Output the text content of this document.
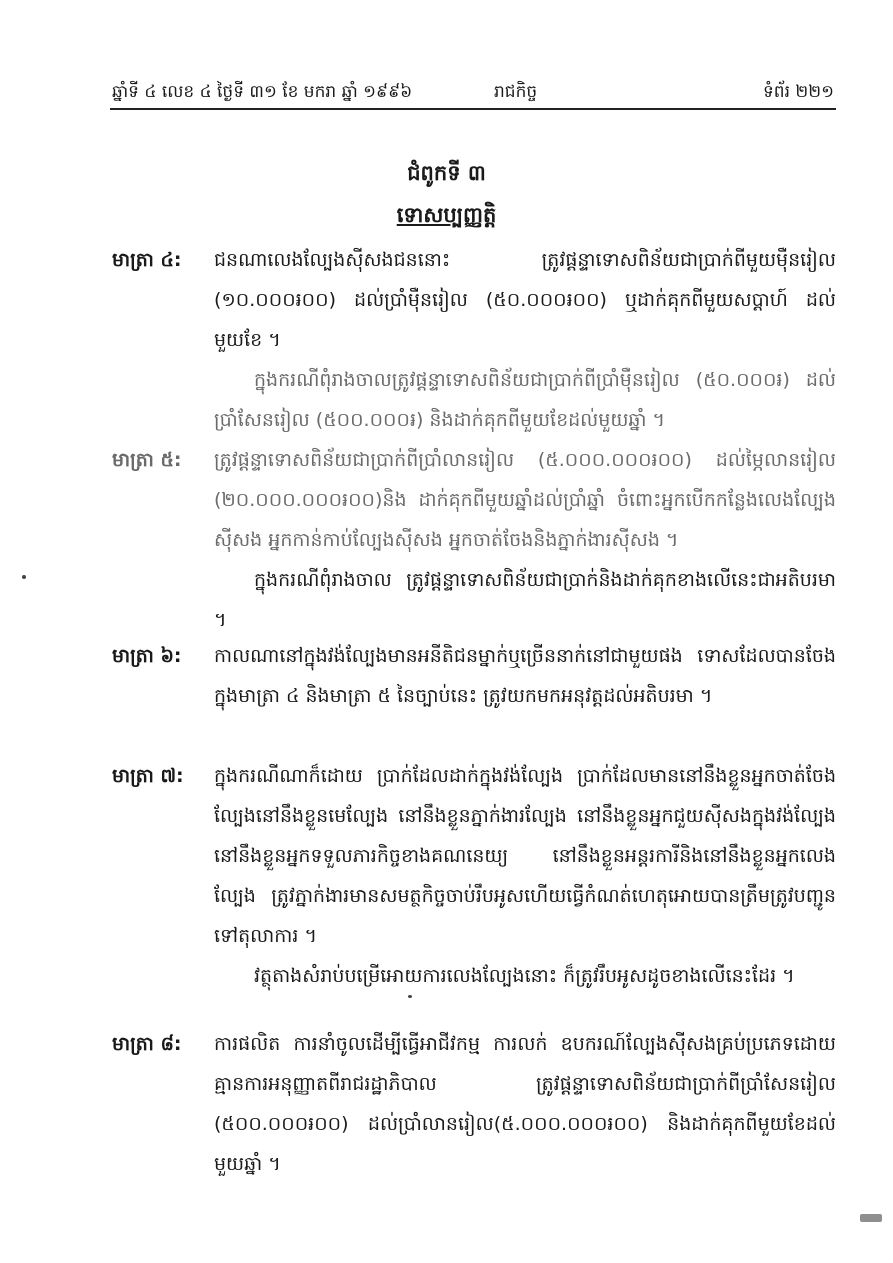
ឆ្នាំទី ៤ លេខ ៤ ថ្ងៃទី ៣១ ខែ មករា ឆ្នាំ ១៩៩៦	រាជកិច្ច	ទំព័រ ២២១
ជំពូកទី ៣
ទោសប្បញ្ញត្តិ
មាត្រា ៤:	ជនណាលេងល្បែងស៊ីសងជននោះ ត្រូវផ្តន្ទាទោសពិន័យជាប្រាក់ពីមួយម៉ឺនរៀល (១០.០០០៛០០) ដល់ប្រាំម៉ឺនរៀល (៥០.០០០៛០០) ឬដាក់គុកពីមួយសប្តាហ៍ ដល់មួយខែ ។

ក្នុងករណីពុំរាងចាលត្រូវផ្តន្ទាទោសពិន័យជាប្រាក់ពីប្រាំម៉ឺនរៀល (៥០.០០០៛) ដល់ប្រាំសែនរៀល (៥០០.០០០៛) និងដាក់គុកពីមួយខែដល់មួយឆ្នាំ ។

មាត្រា ៥:	ត្រូវផ្តន្ទាទោសពិន័យជាប្រាក់ពីប្រាំលានរៀល (៥.០០០.០០០៛០០) ដល់ម្ភៃលានរៀល (២០.០០០.០០០៛០០)និង ដាក់គុកពីមួយឆ្នាំដល់ប្រាំឆ្នាំ ចំពោះអ្នកបើកកន្លែងលេងល្បែងស៊ីសង អ្នកកាន់កាប់ល្បែងស៊ីសង អ្នកចាត់ចែងនិងភ្នាក់ងារស៊ីសង ។

ក្នុងករណីពុំរាងចាល ត្រូវផ្តន្ទាទោសពិន័យជាប្រាក់និងដាក់គុកខាងលើនេះជាអតិបរមា ។

មាត្រា ៦:	កាលណានៅក្នុងវង់ល្បែងមានអនីតិជនម្នាក់ឬច្រើននាក់នៅជាមួយផង ទោសដែលបានចែងក្នុងមាត្រា ៤ និងមាត្រា ៥ នៃច្បាប់នេះ ត្រូវយកមកអនុវត្តដល់អតិបរមា ។

មាត្រា ៧:	ក្នុងករណីណាក៏ដោយ ប្រាក់ដែលដាក់ក្នុងវង់ល្បែង ប្រាក់ដែលមាននៅនឹងខ្លួនអ្នកចាត់ចែងល្បែងនៅនឹងខ្លួនមេល្បែង នៅនឹងខ្លួនភ្នាក់ងារល្បែង នៅនឹងខ្លួនអ្នកជួយស៊ីសងក្នុងវង់ល្បែង នៅនឹងខ្លួនអ្នកទទួលភារកិច្ចខាងគណនេយ្យ នៅនឹងខ្លួនអន្តរការីនិងនៅនឹងខ្លួនអ្នកលេងល្បែង ត្រូវភ្នាក់ងារមានសមត្ថកិច្ចចាប់រឹបអូសហើយធ្វើកំណត់ហេតុអោយបានត្រឹមត្រូវបញ្ជូនទៅតុលាការ ។

វត្ថុតាងសំរាប់បម្រើអោយការលេងល្បែងនោះ ក៏ត្រូវរឹបអូសដូចខាងលើនេះដែរ ។

មាត្រា ៨:	ការផលិត ការនាំចូលដើម្បីធ្វើអាជីវកម្ម ការលក់ ឧបករណ៍ល្បែងស៊ីសងគ្រប់ប្រភេទដោយគ្មានការអនុញ្ញាតពីរាជរដ្ឋាភិបាល ត្រូវផ្តន្ទាទោសពិន័យជាប្រាក់ពីប្រាំសែនរៀល (៥០០.០០០៛០០) ដល់ប្រាំលានរៀល(៥.០០០.០០០៛០០) និងដាក់គុកពីមួយខែដល់មួយឆ្នាំ ។
